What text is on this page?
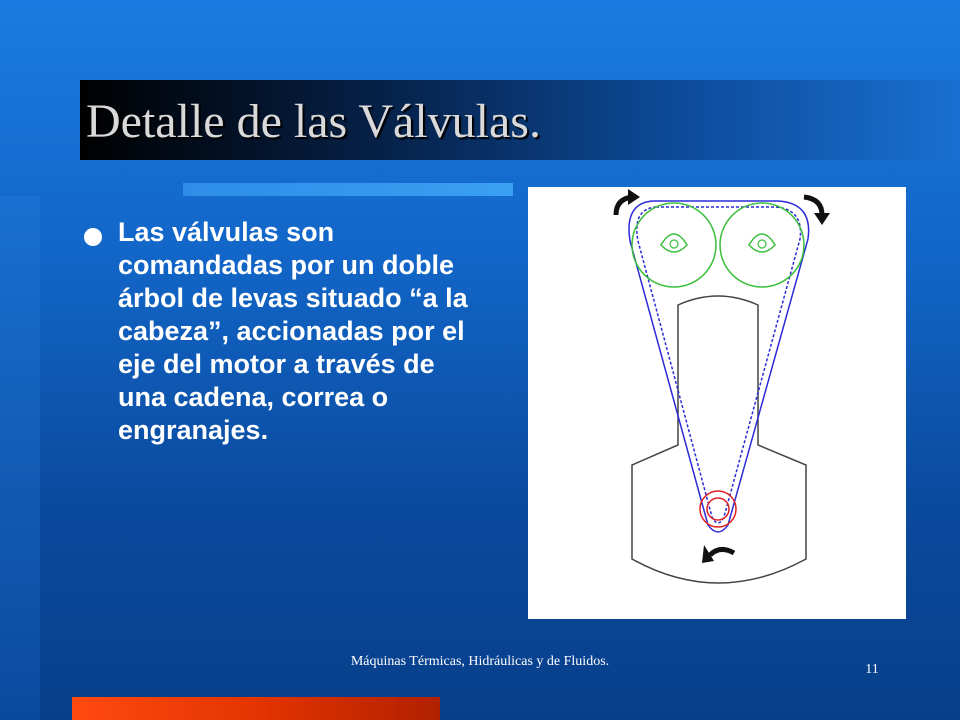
Detalle de las Válvulas.

Las válvulas son comandadas por un doble árbol de levas situado “a la cabeza”, accionadas por el eje del motor a través de una cadena, correa o engranajes.

Máquinas Térmicas, Hidráulicas y de Fluidos.

11
